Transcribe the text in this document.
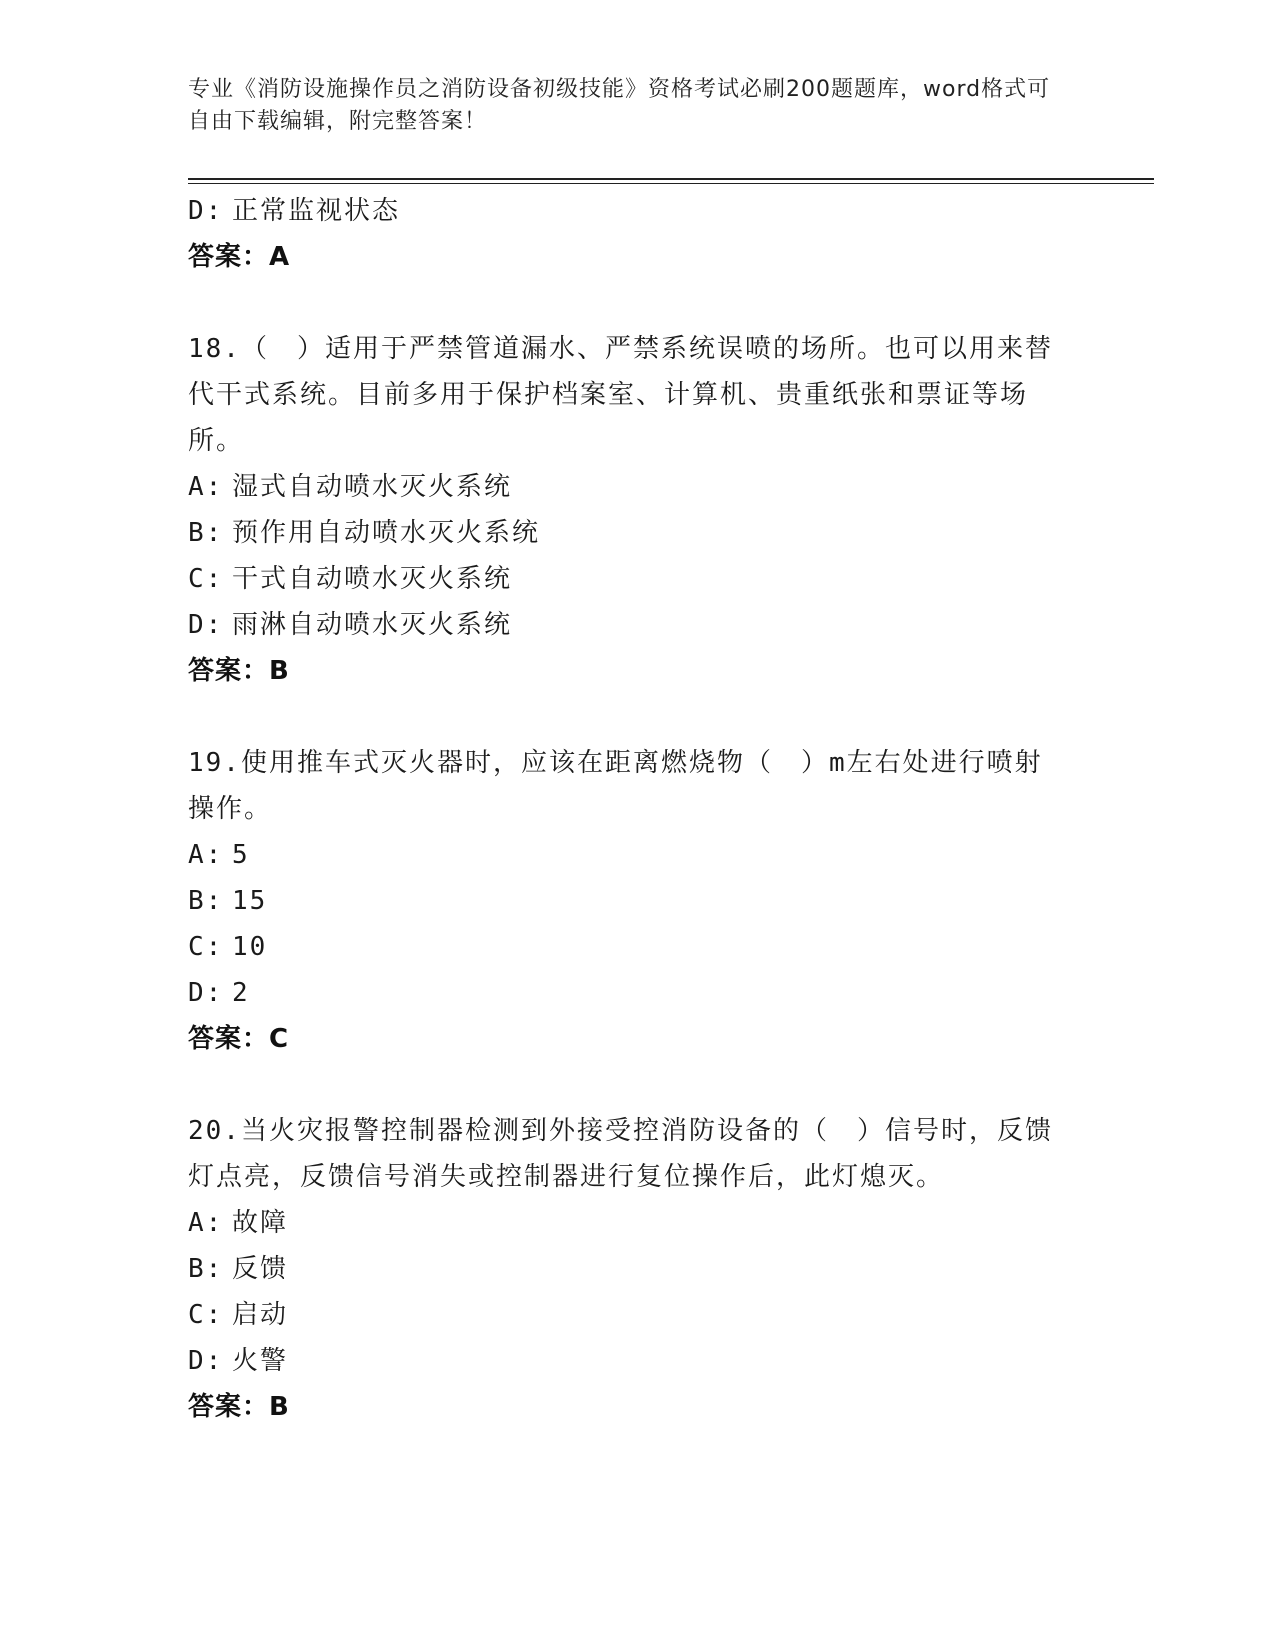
专业《消防设施操作员之消防设备初级技能》资格考试必刷200题题库，word格式可自由下载编辑，附完整答案！
D: 正常监视状态
答案：A
18.（　）适用于严禁管道漏水、严禁系统误喷的场所。也可以用来替代干式系统。目前多用于保护档案室、计算机、贵重纸张和票证等场所。
A: 湿式自动喷水灭火系统
B: 预作用自动喷水灭火系统
C: 干式自动喷水灭火系统
D: 雨淋自动喷水灭火系统
答案：B
19.使用推车式灭火器时，应该在距离燃烧物（　）m左右处进行喷射操作。
A: 5
B: 15
C: 10
D: 2
答案：C
20.当火灾报警控制器检测到外接受控消防设备的（　）信号时，反馈灯点亮，反馈信号消失或控制器进行复位操作后，此灯熄灭。
A: 故障
B: 反馈
C: 启动
D: 火警
答案：B
